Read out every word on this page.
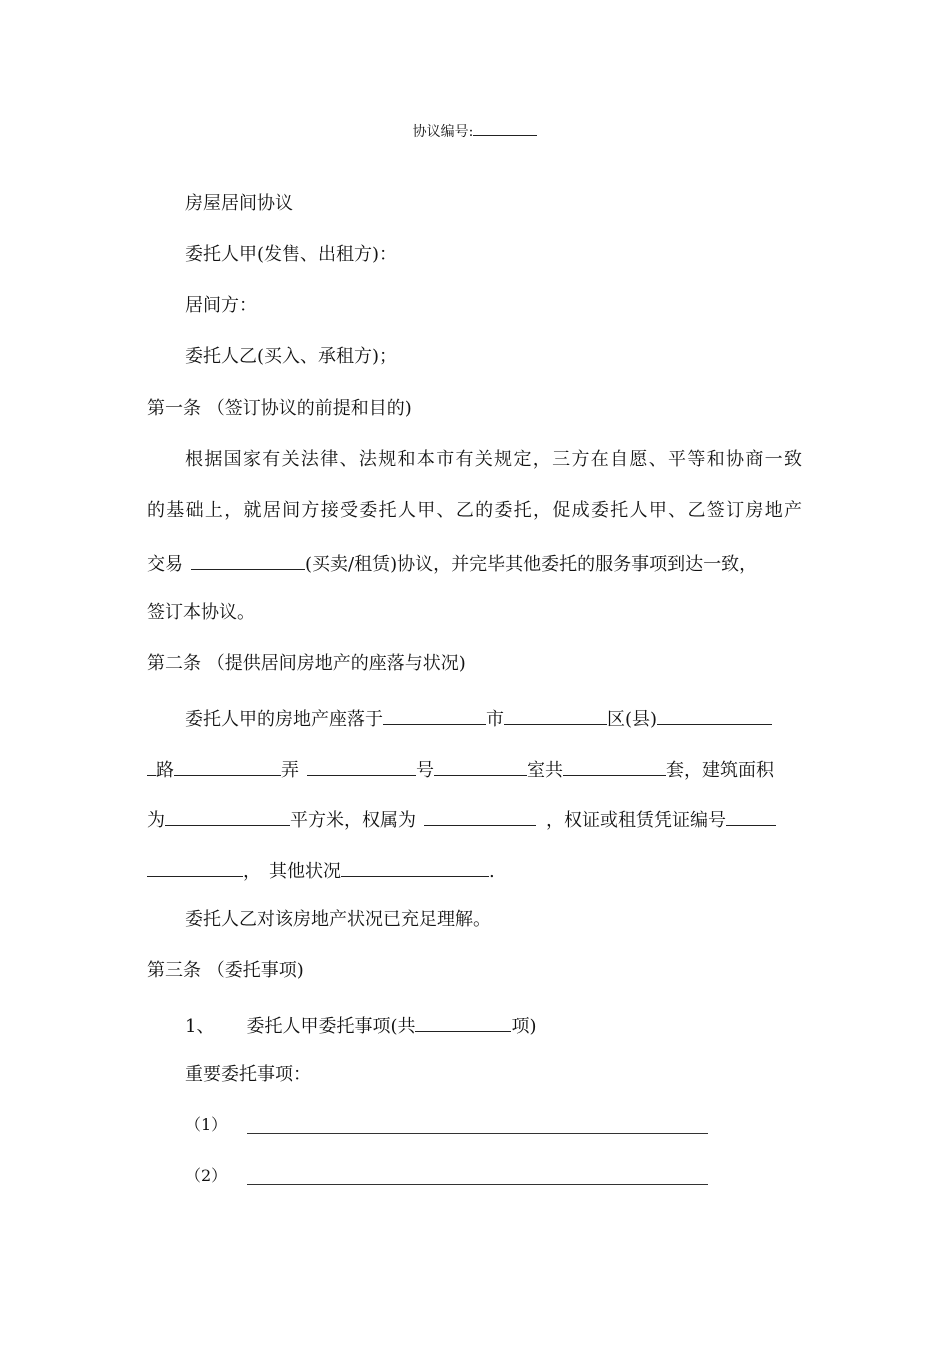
协议编号:
房屋居间协议
委托人甲(发售、出租方)：
居间方：
委托人乙(买入、承租方)；
第一条 （签订协议的前提和目的)
根据国家有关法律、法规和本市有关规定，三方在自愿、平等和协商一致
的基础上，就居间方接受委托人甲、乙的委托，促成委托人甲、乙签订房地产
交易	(买卖/租赁)协议，并完毕其他委托的服务事项到达一致，
签订本协议。
第二条 （提供居间房地产的座落与状况)
委托人甲的房地产座落于	市	区(县)
路	弄	号	室共	套，建筑面积
为	平方米，权属为	，权证或租赁凭证编号
， 其他状况	.
委托人乙对该房地产状况已充足理解。
第三条 （委托事项)
1、 委托人甲委托事项(共	项)
重要委托事项：
（1）
（2）
